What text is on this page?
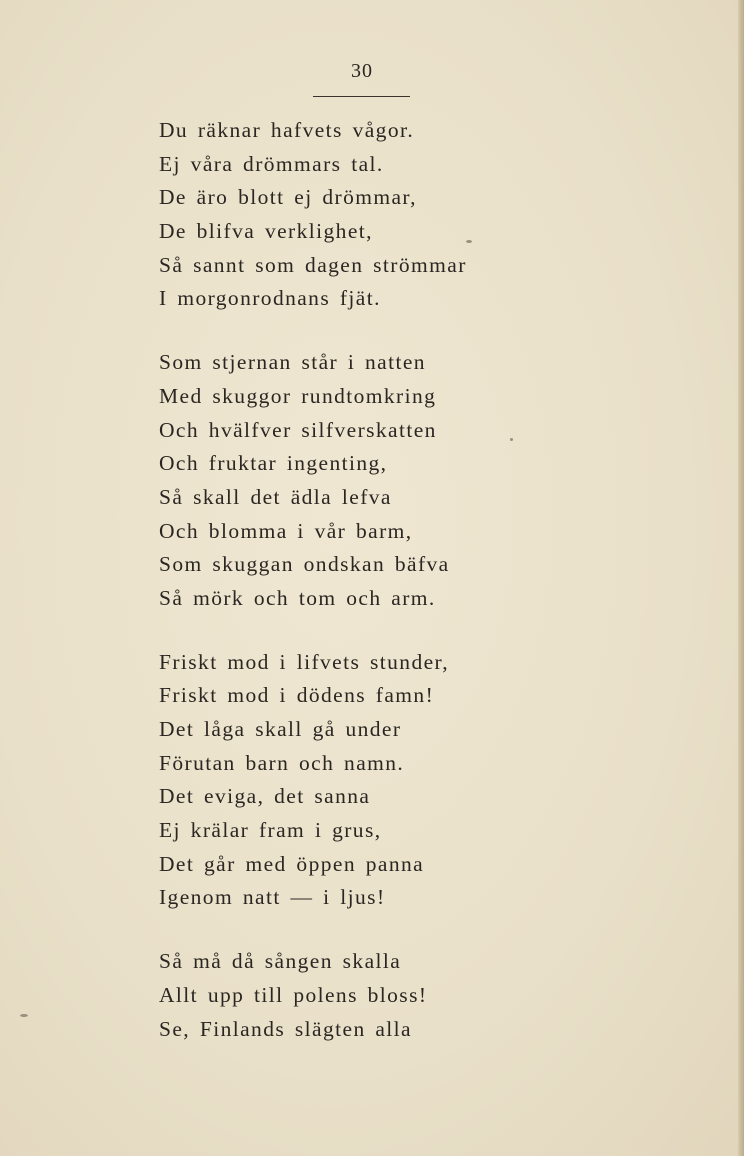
30
Du räknar hafvets vågor.
Ej våra drömmars tal.
De äro blott ej drömmar,
De blifva verklighet,
Så sannt som dagen strömmar
I morgonrodnans fjät.
Som stjernan står i natten
Med skuggor rundtomkring
Och hvälfver silfverskatten
Och fruktar ingenting,
Så skall det ädla lefva
Och blomma i vår barm,
Som skuggan ondskan bäfva
Så mörk och tom och arm.
Friskt mod i lifvets stunder,
Friskt mod i dödens famn!
Det låga skall gå under
Förutan barn och namn.
Det eviga, det sanna
Ej krälar fram i grus,
Det går med öppen panna
Igenom natt — i ljus!
Så må då sången skalla
Allt upp till polens bloss!
Se, Finlands slägten alla
